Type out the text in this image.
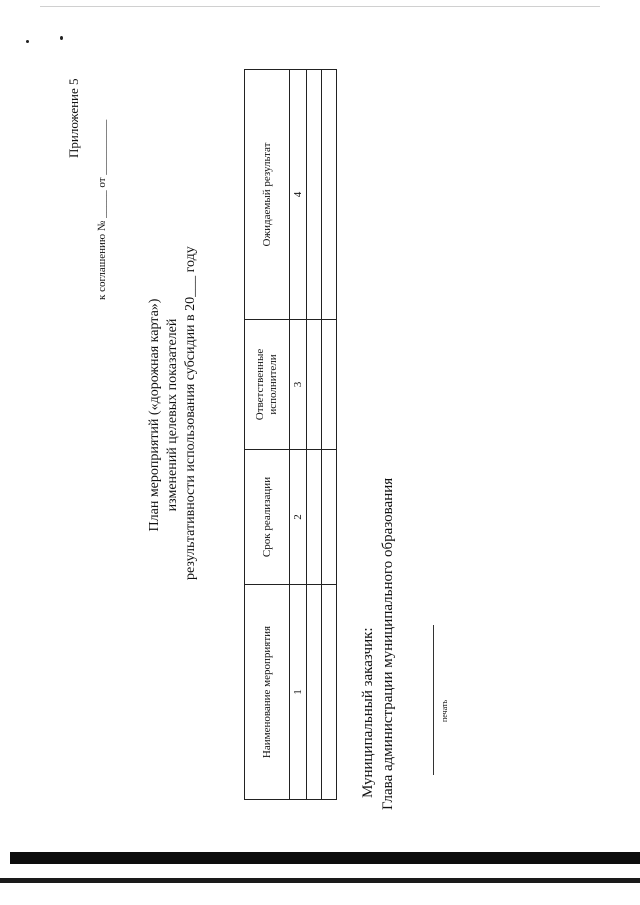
Приложение 5
к соглашению № _____ от __________
План мероприятий («дорожная карта») изменений целевых показателей результативности использования субсидии в 20___ году
Наименование мероприятия	Срок реализации	Ответственные исполнители	Ожидаемый результат
1	2	3	4

Муниципальный заказчик: Глава администрации муниципального образования	печать
